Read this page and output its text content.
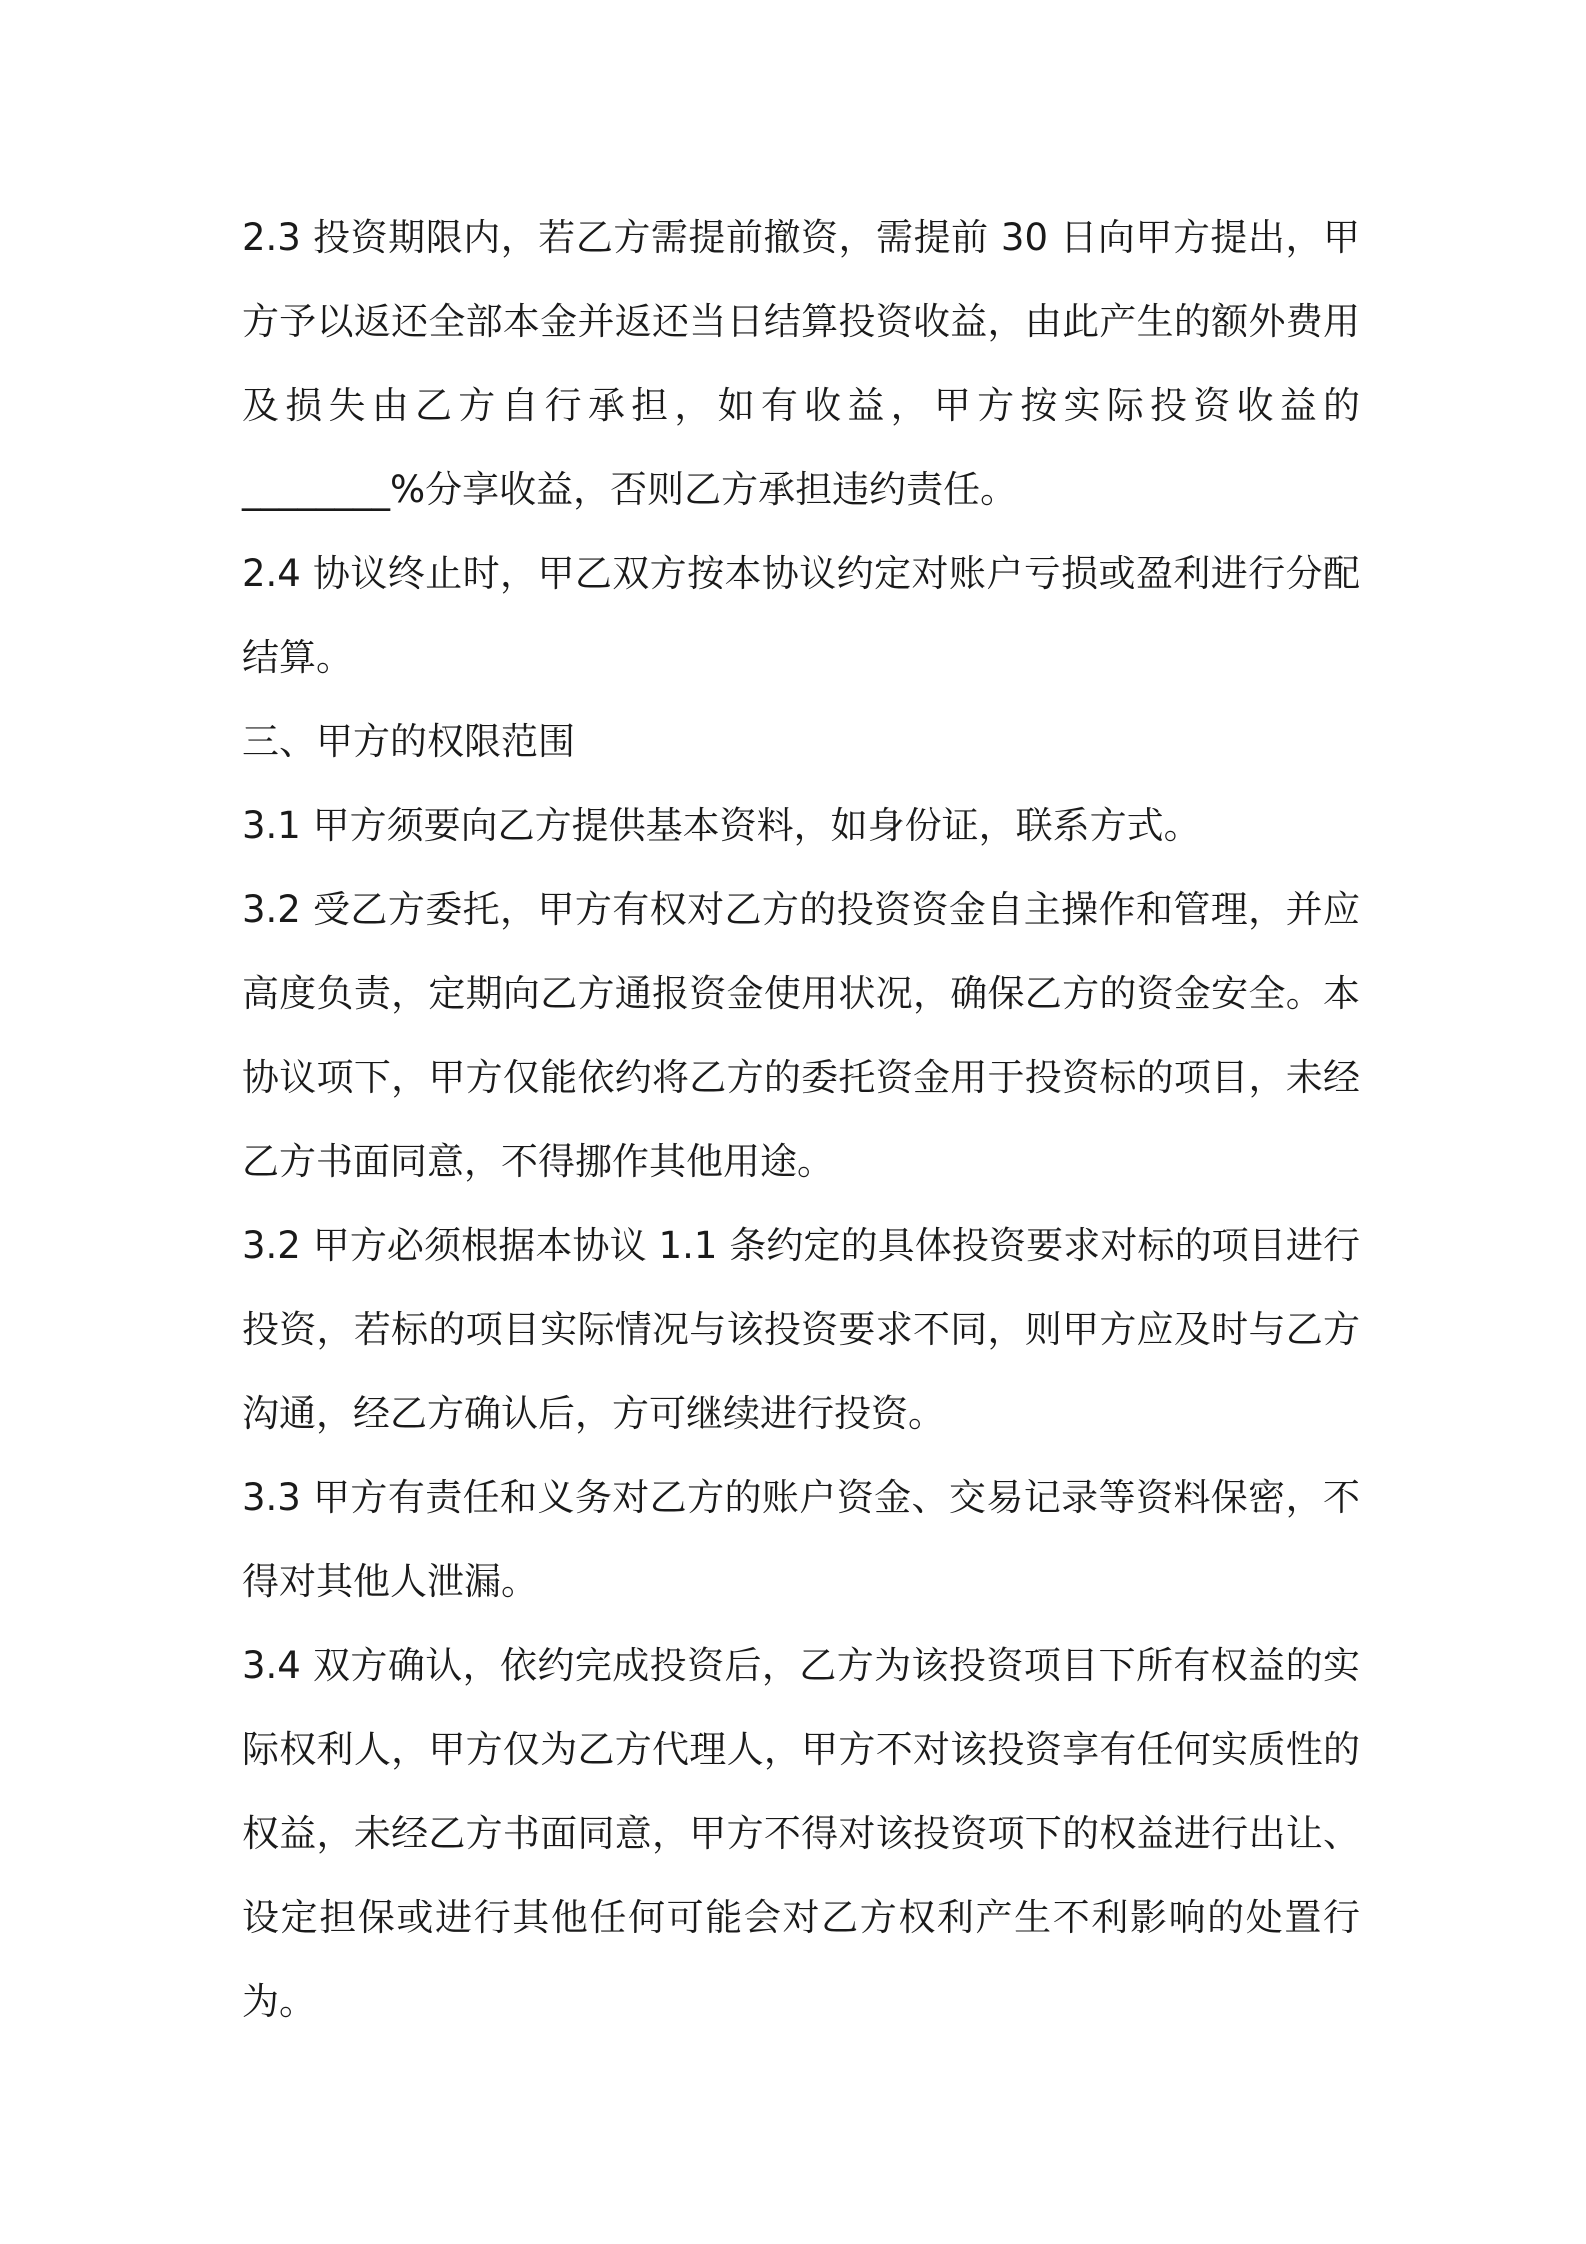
2.3 投资期限内，若乙方需提前撤资，需提前 30 日向甲方提出，甲方予以返还全部本金并返还当日结算投资收益，由此产生的额外费用及损失由乙方自行承担，如有收益，甲方按实际投资收益的________%分享收益，否则乙方承担违约责任。

2.4 协议终止时，甲乙双方按本协议约定对账户亏损或盈利进行分配结算。

三、甲方的权限范围

3.1 甲方须要向乙方提供基本资料，如身份证，联系方式。

3.2 受乙方委托，甲方有权对乙方的投资资金自主操作和管理，并应高度负责，定期向乙方通报资金使用状况，确保乙方的资金安全。本协议项下，甲方仅能依约将乙方的委托资金用于投资标的项目，未经乙方书面同意，不得挪作其他用途。

3.2 甲方必须根据本协议 1.1 条约定的具体投资要求对标的项目进行投资，若标的项目实际情况与该投资要求不同，则甲方应及时与乙方沟通，经乙方确认后，方可继续进行投资。

3.3 甲方有责任和义务对乙方的账户资金、交易记录等资料保密，不得对其他人泄漏。

3.4 双方确认，依约完成投资后，乙方为该投资项目下所有权益的实际权利人，甲方仅为乙方代理人，甲方不对该投资享有任何实质性的权益，未经乙方书面同意，甲方不得对该投资项下的权益进行出让、设定担保或进行其他任何可能会对乙方权利产生不利影响的处置行为。
